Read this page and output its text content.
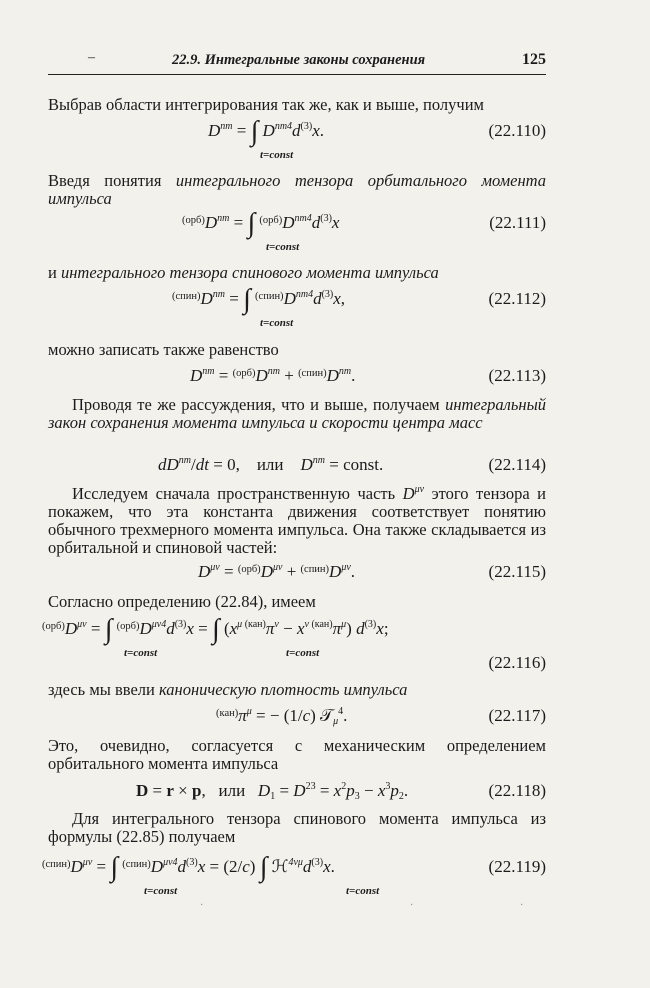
–	22.9. Интегральные законы сохранения	125
Выбрав области интегрирования так же, как и выше, получим
$D^{nm}$ = ∫ $D^{nm4}d^{(3)}x$.
t=const
(22.110)
Введя понятия интегрального тензора орбитального момента импульса
$^{(орб)}D^{nm}$ = ∫ $^{(орб)}D^{nm4}d^{(3)}x$
t=const
(22.111)
и интегрального тензора спинового момента импульса
$^{(спин)}D^{nm}$ = ∫ $^{(спин)}D^{nm4}d^{(3)}x$,
t=const
(22.112)
можно записать также равенство
$D^{nm} = ^{(орб)}D^{nm} + ^{(спин)}D^{nm}$.	(22.113)
Проводя те же рассуждения, что и выше, получаем интегральный закон сохранения момента импульса и скорости центра масс
$dD^{nm}/dt = 0$,    или $D^{nm}$ = const.	(22.114)
Исследуем сначала пространственную часть $D^{\mu\nu}$ этого тензора и покажем, что эта константа движения соответствует понятию обычного трехмерного момента импульса. Она также складывается из орбитальной и спиновой частей:
$D^{\mu\nu} = ^{(орб)}D^{\mu\nu} + ^{(спин)}D^{\mu\nu}$.	(22.115)
Согласно определению (22.84), имеем
$^{(орб)}D^{\mu\nu}$ = ∫ $^{(орб)}D^{\mu\nu 4}d^{(3)}x$ = ∫ $(x^{\mu (кан)}\pi^\nu - x^{\nu (кан)}\pi^\mu)$ $d^{(3)}x$;
t=const	t=const	(22.116)
здесь мы ввели каноническую плотность импульса
$^{(кан)}\pi^\mu$ = − (1/c) 𝒯$_\mu^4$.	(22.117)
Это, очевидно, согласуется с механическим определением орбитального момента импульса
D = r × p,   или $D_1 = D^{23} = x^2p_3 - x^3p_2$.	(22.118)
Для интегрального тензора спинового момента импульса из формулы (22.85) получаем
$^{(спин)}D^{\mu\nu}$ = ∫ $^{(спин)}D^{\mu\nu 4}d^{(3)}x = (2/c)$ ∫ $ℋ^{4\nu\mu}d^{(3)}x$.
t=const	t=const
(22.119)
·	·	·
